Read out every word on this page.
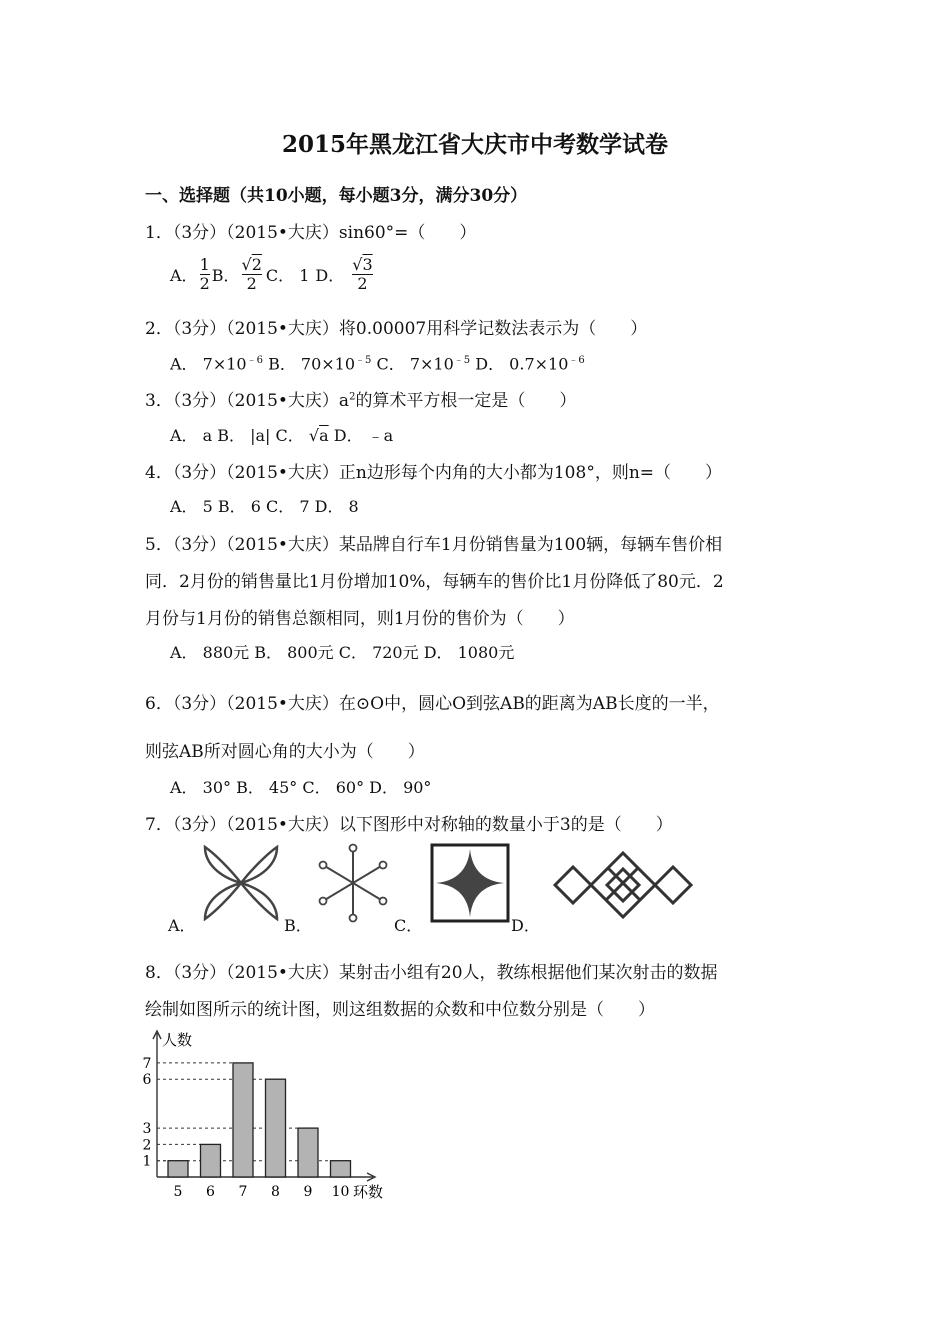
2015年黑龙江省大庆市中考数学试卷
一、选择题（共10小题，每小题3分，满分30分）
1．（3分）（2015•大庆）sin60°=（　　）
A． $\frac{1}{2}$ B． $\frac{√2}{2}$ C． 1 D． $\frac{√3}{2}$
2．（3分）（2015•大庆）将0.00007用科学记数法表示为（　　）
A． $7\times 10^{﹣6}$ B． $70\times 10^{﹣5}$ C． $7\times 10^{﹣5}$ D． $0.7\times 10^{﹣6}$
3．（3分）（2015•大庆）$a^2$的算术平方根一定是（　　）
A． a B． |a| C． √a D． ﹣a
4．（3分）（2015•大庆）正n边形每个内角的大小都为108°，则n=（　　）
A． 5 B． 6 C． 7 D． 8
5．（3分）（2015•大庆）某品牌自行车1月份销售量为100辆，每辆车售价相
同．2月份的销售量比1月份增加10%，每辆车的售价比1月份降低了80元．2
月份与1月份的销售总额相同，则1月份的售价为（　　）
A． 880元 B． 800元 C． 720元 D． 1080元
6．（3分）（2015•大庆）在⊙O中，圆心O到弦AB的距离为AB长度的一半，
则弦AB所对圆心角的大小为（　　）
A． 30° B． 45° C． 60° D． 90°
7．（3分）（2015•大庆）以下图形中对称轴的数量小于3的是（　　）
A．	B．	C．	D．
8．（3分）（2015•大庆）某射击小组有20人，教练根据他们某次射击的数据
绘制如图所示的统计图，则这组数据的众数和中位数分别是（　　）
人数
环数
1
2
3
6
7
5 6 7 8 9 10
